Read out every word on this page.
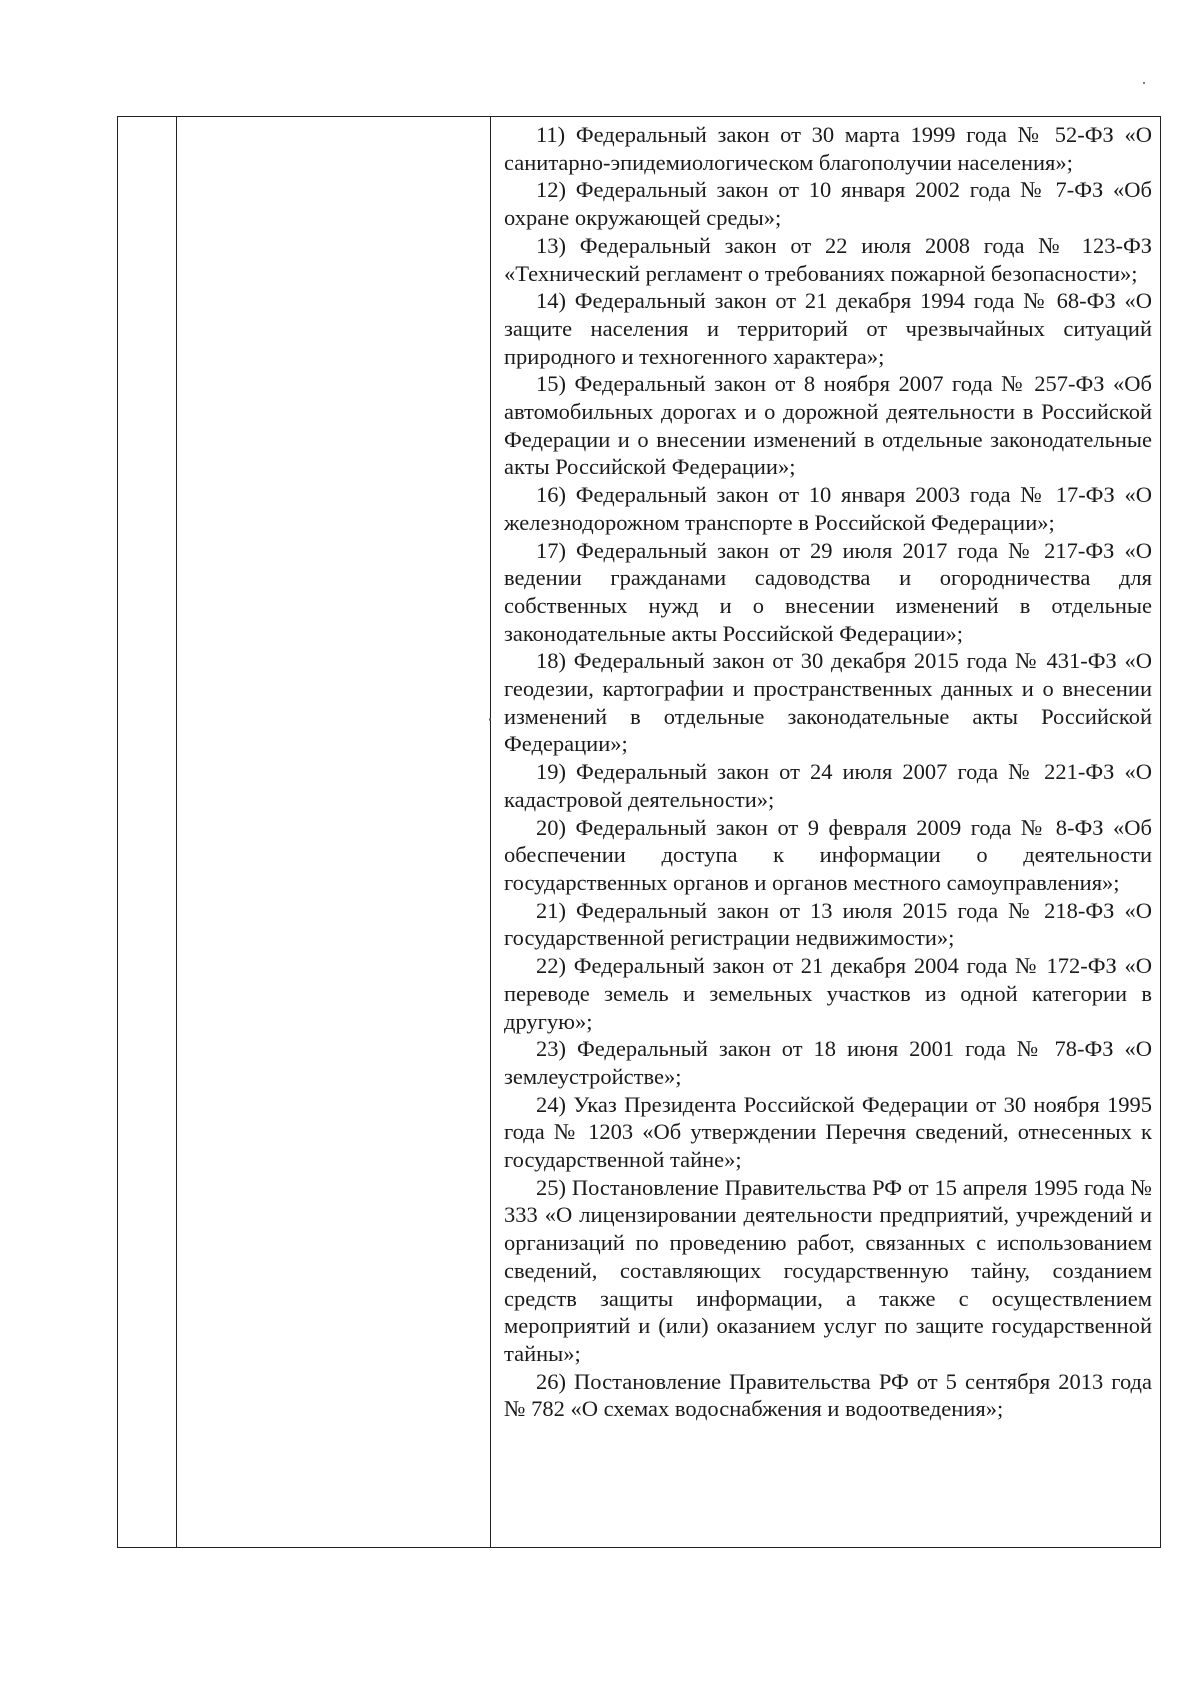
11) Федеральный закон от 30 марта 1999 года № 52-ФЗ «О санитарно-эпидемиологическом благополучии населения»;

12) Федеральный закон от 10 января 2002 года № 7-ФЗ «Об охране окружающей среды»;

13) Федеральный закон от 22 июля 2008 года № 123-ФЗ «Технический регламент о требованиях пожарной безопасности»;

14) Федеральный закон от 21 декабря 1994 года № 68-ФЗ «О защите населения и территорий от чрезвычайных ситуаций природного и техногенного характера»;

15) Федеральный закон от 8 ноября 2007 года № 257-ФЗ «Об автомобильных дорогах и о дорожной деятельности в Российской Федерации и о внесении изменений в отдельные законодательные акты Российской Федерации»;

16) Федеральный закон от 10 января 2003 года № 17-ФЗ «О железнодорожном транспорте в Российской Федерации»;

17) Федеральный закон от 29 июля 2017 года № 217-ФЗ «О ведении гражданами садоводства и огородничества для собственных нужд и о внесении изменений в отдельные законодательные акты Российской Федерации»;

18) Федеральный закон от 30 декабря 2015 года № 431-ФЗ «О геодезии, картографии и пространственных данных и о внесении изменений в отдельные законодательные акты Российской Федерации»;

19) Федеральный закон от 24 июля 2007 года № 221-ФЗ «О кадастровой деятельности»;

20) Федеральный закон от 9 февраля 2009 года № 8-ФЗ «Об обеспечении доступа к информации о деятельности государственных органов и органов местного самоуправления»;

21) Федеральный закон от 13 июля 2015 года № 218-ФЗ «О государственной регистрации недвижимости»;

22) Федеральный закон от 21 декабря 2004 года № 172-ФЗ «О переводе земель и земельных участков из одной категории в другую»;

23) Федеральный закон от 18 июня 2001 года № 78-ФЗ «О землеустройстве»;

24) Указ Президента Российской Федерации от 30 ноября 1995 года № 1203 «Об утверждении Перечня сведений, отнесенных к государственной тайне»;

25) Постановление Правительства РФ от 15 апреля 1995 года № 333 «О лицензировании деятельности предприятий, учреждений и организаций по проведению работ, связанных с использованием сведений, составляющих государственную тайну, созданием средств защиты информации, а также с осуществлением мероприятий и (или) оказанием услуг по защите государственной тайны»;

26) Постановление Правительства РФ от 5 сентября 2013 года № 782 «О схемах водоснабжения и водоотведения»;
